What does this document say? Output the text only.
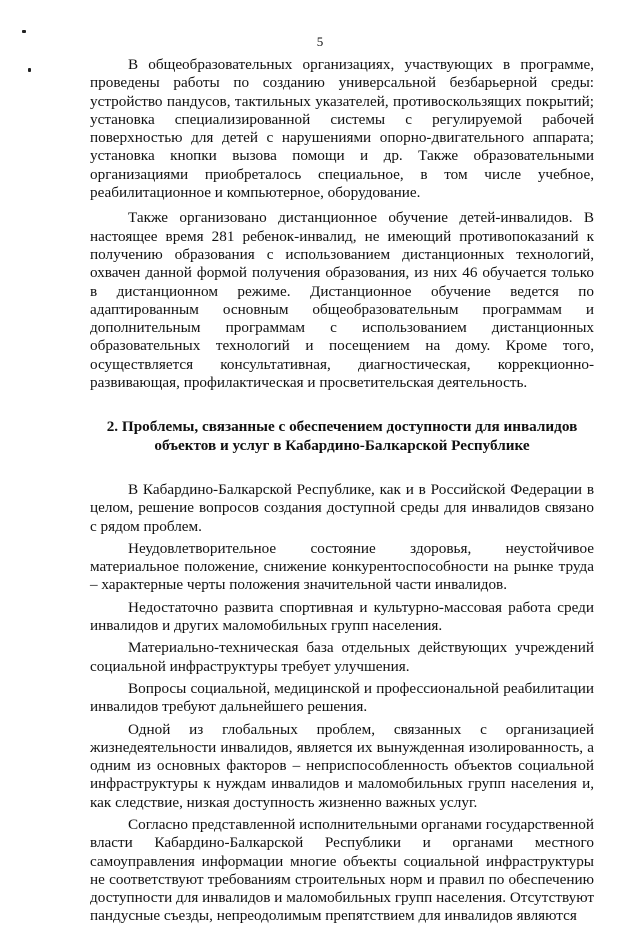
5

В общеобразовательных организациях, участвующих в программе, проведены работы по созданию универсальной безбарьерной среды: устройство пандусов, тактильных указателей, противоскользящих покрытий; установка специализированной системы с регулируемой рабочей поверхностью для детей с нарушениями опорно-двигательного аппарата; установка кнопки вызова помощи и др. Также образовательными организациями приобреталось специальное, в том числе учебное, реабилитационное и компьютерное, оборудование.

Также организовано дистанционное обучение детей-инвалидов. В настоящее время 281 ребенок-инвалид, не имеющий противопоказаний к получению образования с использованием дистанционных технологий, охвачен данной формой получения образования, из них 46 обучается только в дистанционном режиме. Дистанционное обучение ведется по адаптированным основным общеобразовательным программам и дополнительным программам с использованием дистанционных образовательных технологий и посещением на дому. Кроме того, осуществляется консультативная, диагностическая, коррекционно-развивающая, профилактическая и просветительская деятельность.

2. Проблемы, связанные с обеспечением доступности для инвалидов
объектов и услуг в Кабардино-Балкарской Республике

В Кабардино-Балкарской Республике, как и в Российской Федерации в целом, решение вопросов создания доступной среды для инвалидов связано с рядом проблем.

Неудовлетворительное состояние здоровья, неустойчивое материальное положение, снижение конкурентоспособности на рынке труда – характерные черты положения значительной части инвалидов.

Недостаточно развита спортивная и культурно-массовая работа среди инвалидов и других маломобильных групп населения.

Материально-техническая база отдельных действующих учреждений социальной инфраструктуры требует улучшения.

Вопросы социальной, медицинской и профессиональной реабилитации инвалидов требуют дальнейшего решения.

Одной из глобальных проблем, связанных с организацией жизнедеятельности инвалидов, является их вынужденная изолированность, а одним из основных факторов – неприспособленность объектов социальной инфраструктуры к нуждам инвалидов и маломобильных групп населения и, как следствие, низкая доступность жизненно важных услуг.

Согласно представленной исполнительными органами государственной власти Кабардино-Балкарской Республики и органами местного самоуправления информации многие объекты социальной инфраструктуры не соответствуют требованиям строительных норм и правил по обеспечению доступности для инвалидов и маломобильных групп населения. Отсутствуют пандусные съезды, непреодолимым препятствием для инвалидов являются
